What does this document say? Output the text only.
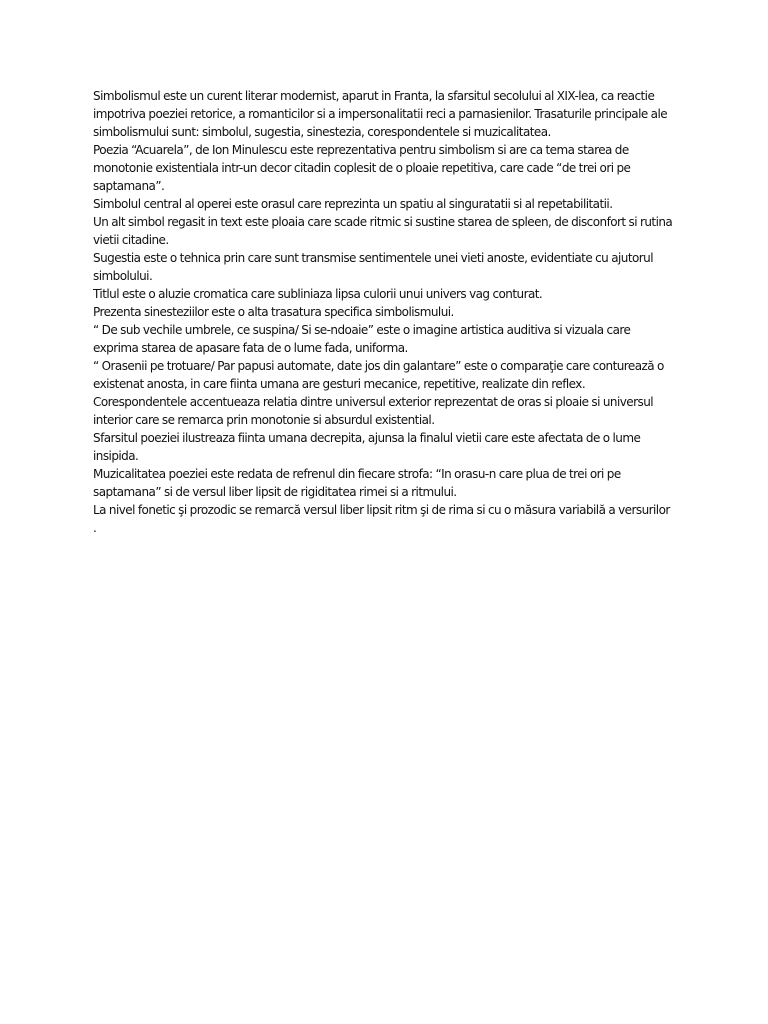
Simbolismul este un curent literar modernist, aparut in Franta, la sfarsitul secolului al XIX-lea, ca reactie impotriva poeziei retorice, a romanticilor si a impersonalitatii reci a parnasienilor. Trasaturile principale ale simbolismului sunt: simbolul, sugestia, sinestezia, corespondentele si muzicalitatea.

Poezia “Acuarela”, de Ion Minulescu este reprezentativa pentru simbolism si are ca tema starea de monotonie existentiala intr-un decor citadin coplesit de o ploaie repetitiva, care cade “de trei ori pe saptamana”.

Simbolul central al operei este orasul care reprezinta un spatiu al singuratatii si al repetabilitatii.

Un alt simbol regasit in text este ploaia care scade ritmic si sustine starea de spleen, de disconfort si rutina vietii citadine.

Sugestia este o tehnica prin care sunt transmise sentimentele unei vieti anoste, evidentiate cu ajutorul simbolului.

Titlul este o aluzie cromatica care subliniaza lipsa culorii unui univers vag conturat.

Prezenta sinesteziilor este o alta trasatura specifica simbolismului.

“ De sub vechile umbrele, ce suspina/ Si se-ndoaie” este o imagine artistica auditiva si vizuala care exprima starea de apasare fata de o lume fada, uniforma.

“ Orasenii pe trotuare/ Par papusi automate, date jos din galantare” este o comparaţie care conturează o existenat anosta, in care fiinta umana are gesturi mecanice, repetitive, realizate din reflex.

Corespondentele accentueaza relatia dintre universul exterior reprezentat de oras si ploaie si universul interior care se remarca prin monotonie si absurdul existential.

Sfarsitul poeziei ilustreaza fiinta umana decrepita, ajunsa la finalul vietii care este afectata de o lume insipida.

Muzicalitatea poeziei este redata de refrenul din fiecare strofa: “In orasu-n care plua de trei ori pe saptamana” si de versul liber lipsit de rigiditatea rimei si a ritmului.

La nivel fonetic şi prozodic se remarcă versul liber lipsit ritm şi de rima si cu o măsura variabilă a versurilor .
